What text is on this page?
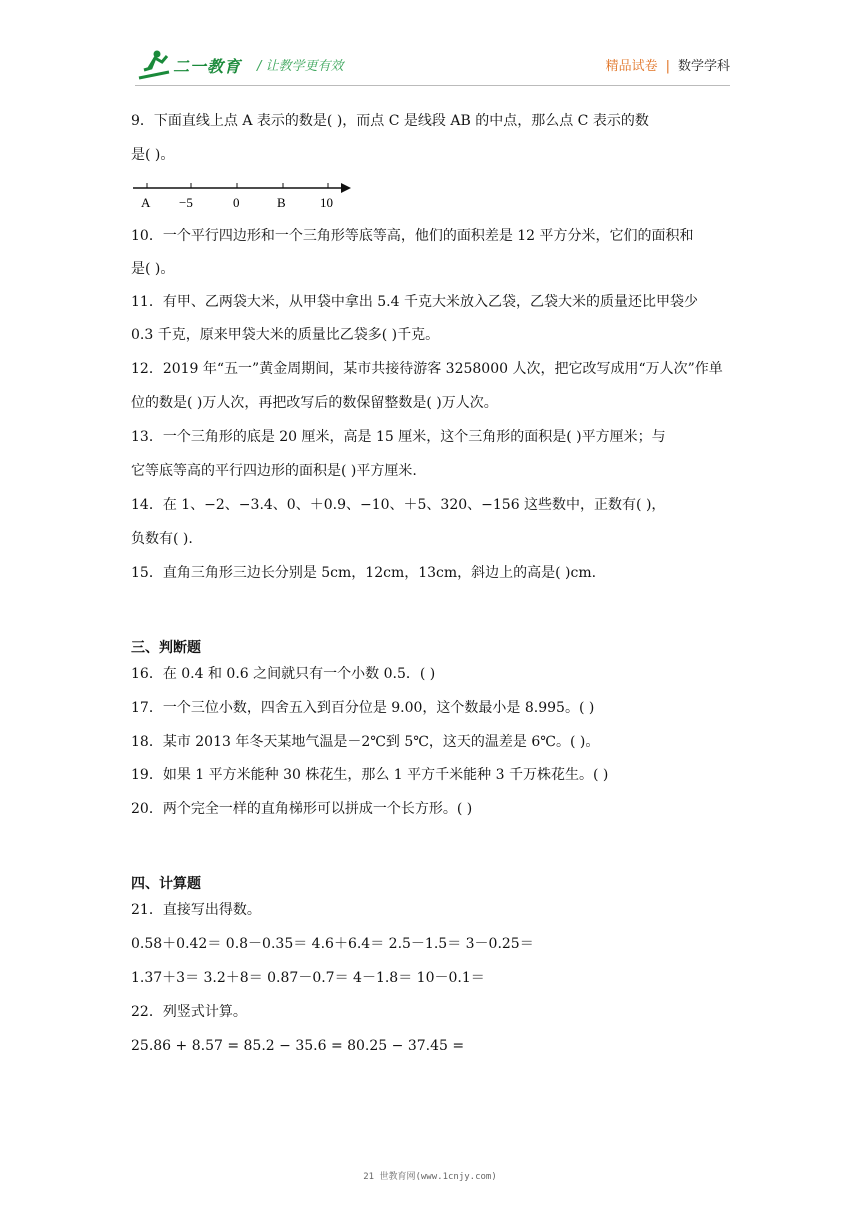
二一教育 / 让教学更有效	精品试卷 | 数学学科
9．下面直线上点 A 表示的数是( )，而点 C 是线段 AB 的中点，那么点 C 表示的数
是( )。
A −5	0	B	10
10．一个平行四边形和一个三角形等底等高，他们的面积差是 12 平方分米，它们的面积和
是( )。
11．有甲、乙两袋大米，从甲袋中拿出 5.4 千克大米放入乙袋，乙袋大米的质量还比甲袋少
0.3 千克，原来甲袋大米的质量比乙袋多( )千克。
12．2019 年“五一”黄金周期间，某市共接待游客 3258000 人次，把它改写成用“万人次”作单
位的数是( )万人次，再把改写后的数保留整数是( )万人次。
13．一个三角形的底是 20 厘米，高是 15 厘米，这个三角形的面积是( )平方厘米；与
它等底等高的平行四边形的面积是( )平方厘米.
14．在 1、−2、−3.4、0、＋0.9、−10、＋5、320、−156 这些数中，正数有( )，
负数有( ).
15．直角三角形三边长分别是 5cm，12cm，13cm，斜边上的高是( )cm.
三、判断题
16．在 0.4 和 0.6 之间就只有一个小数 0.5．( )
17．一个三位小数，四舍五入到百分位是 9.00，这个数最小是 8.995。( )
18．某市 2013 年冬天某地气温是－2℃到 5℃，这天的温差是 6℃。( )。
19．如果 1 平方米能种 30 株花生，那么 1 平方千米能种 3 千万株花生。( )
20．两个完全一样的直角梯形可以拼成一个长方形。( )
四、计算题
21．直接写出得数。
0.58＋0.42＝ 0.8－0.35＝ 4.6＋6.4＝ 2.5－1.5＝ 3－0.25＝
1.37＋3＝ 3.2＋8＝ 0.87－0.7＝ 4－1.8＝ 10－0.1＝
22．列竖式计算。
25.86 + 8.57 = 85.2 − 35.6 = 80.25 − 37.45 =
21 世教育网(www.1cnjy.com)
